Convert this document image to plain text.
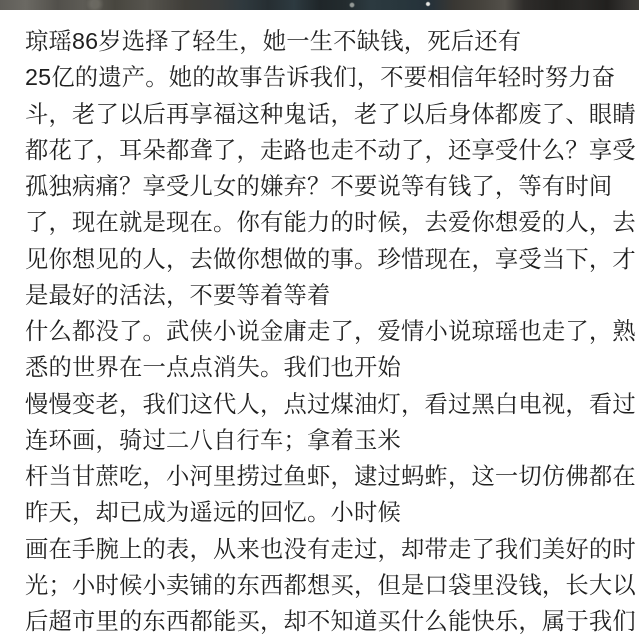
琼瑶86岁选择了轻生，她一生不缺钱，死后还有
25亿的遗产。她的故事告诉我们，不要相信年轻时努力奋
斗，老了以后再享福这种鬼话，老了以后身体都废了、眼睛
都花了，耳朵都聋了，走路也走不动了，还享受什么？享受
孤独病痛？享受儿女的嫌弃？不要说等有钱了，等有时间
了，现在就是现在。你有能力的时候，去爱你想爱的人，去
见你想见的人，去做你想做的事。珍惜现在，享受当下，才
是最好的活法，不要等着等着
什么都没了。武侠小说金庸走了，爱情小说琼瑶也走了，熟
悉的世界在一点点消失。我们也开始
慢慢变老，我们这代人，点过煤油灯，看过黑白电视，看过
连环画，骑过二八自行车；拿着玉米
杆当甘蔗吃，小河里捞过鱼虾，逮过蚂蚱，这一切仿佛都在
昨天，却已成为遥远的回忆。小时候
画在手腕上的表，从来也没有走过，却带走了我们美好的时
光；小时候小卖铺的东西都想买，但是口袋里没钱，长大以
后超市里的东西都能买，却不知道买什么能快乐，属于我们
